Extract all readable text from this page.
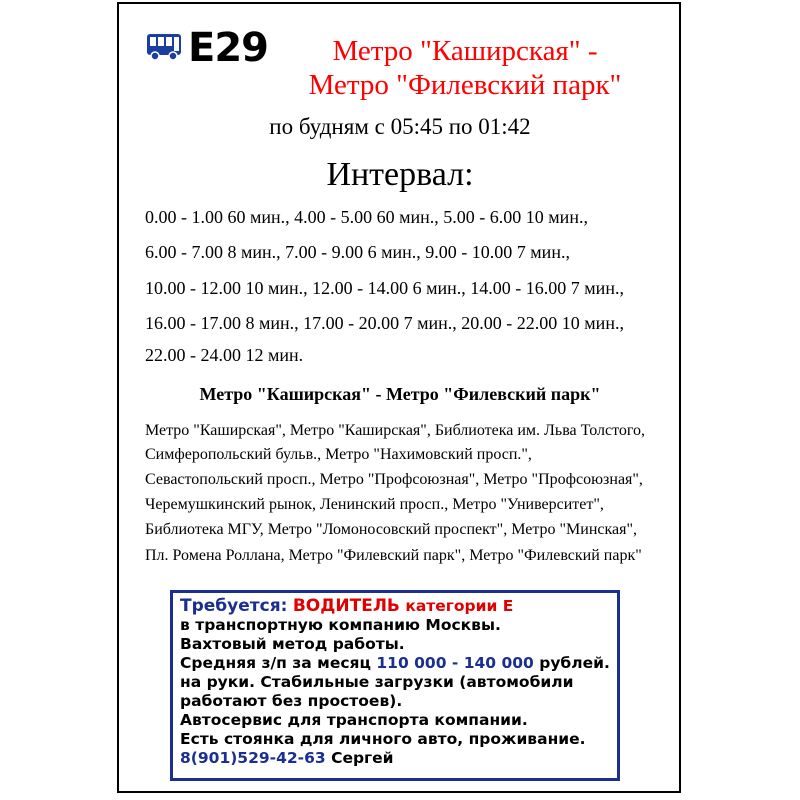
E29	Метро "Каширская" -
Метро "Филевский парк"
по будням с 05:45 по 01:42
Интервал:
0.00 - 1.00 60 мин., 4.00 - 5.00 60 мин., 5.00 - 6.00 10 мин.,
6.00 - 7.00 8 мин., 7.00 - 9.00 6 мин., 9.00 - 10.00 7 мин.,
10.00 - 12.00 10 мин., 12.00 - 14.00 6 мин., 14.00 - 16.00 7 мин.,
16.00 - 17.00 8 мин., 17.00 - 20.00 7 мин., 20.00 - 22.00 10 мин.,
22.00 - 24.00 12 мин.
Метро "Каширская" - Метро "Филевский парк"
Метро "Каширская", Метро "Каширская", Библиотека им. Льва Толстого,
Симферопольский бульв., Метро "Нахимовский просп.",
Севастопольский просп., Метро "Профсоюзная", Метро "Профсоюзная",
Черемушкинский рынок, Ленинский просп., Метро "Университет",
Библиотека МГУ, Метро "Ломоносовский проспект", Метро "Минская",
Пл. Ромена Роллана, Метро "Филевский парк", Метро "Филевский парк"
Требуется: ВОДИТЕЛЬ категории Е
в транспортную компанию Москвы.
Вахтовый метод работы.
Средняя з/п за месяц 110 000 - 140 000 рублей.
на руки. Стабильные загрузки (автомобили
работают без простоев).
Автосервис для транспорта компании.
Есть стоянка для личного авто, проживание.
8(901)529-42-63 Сергей
